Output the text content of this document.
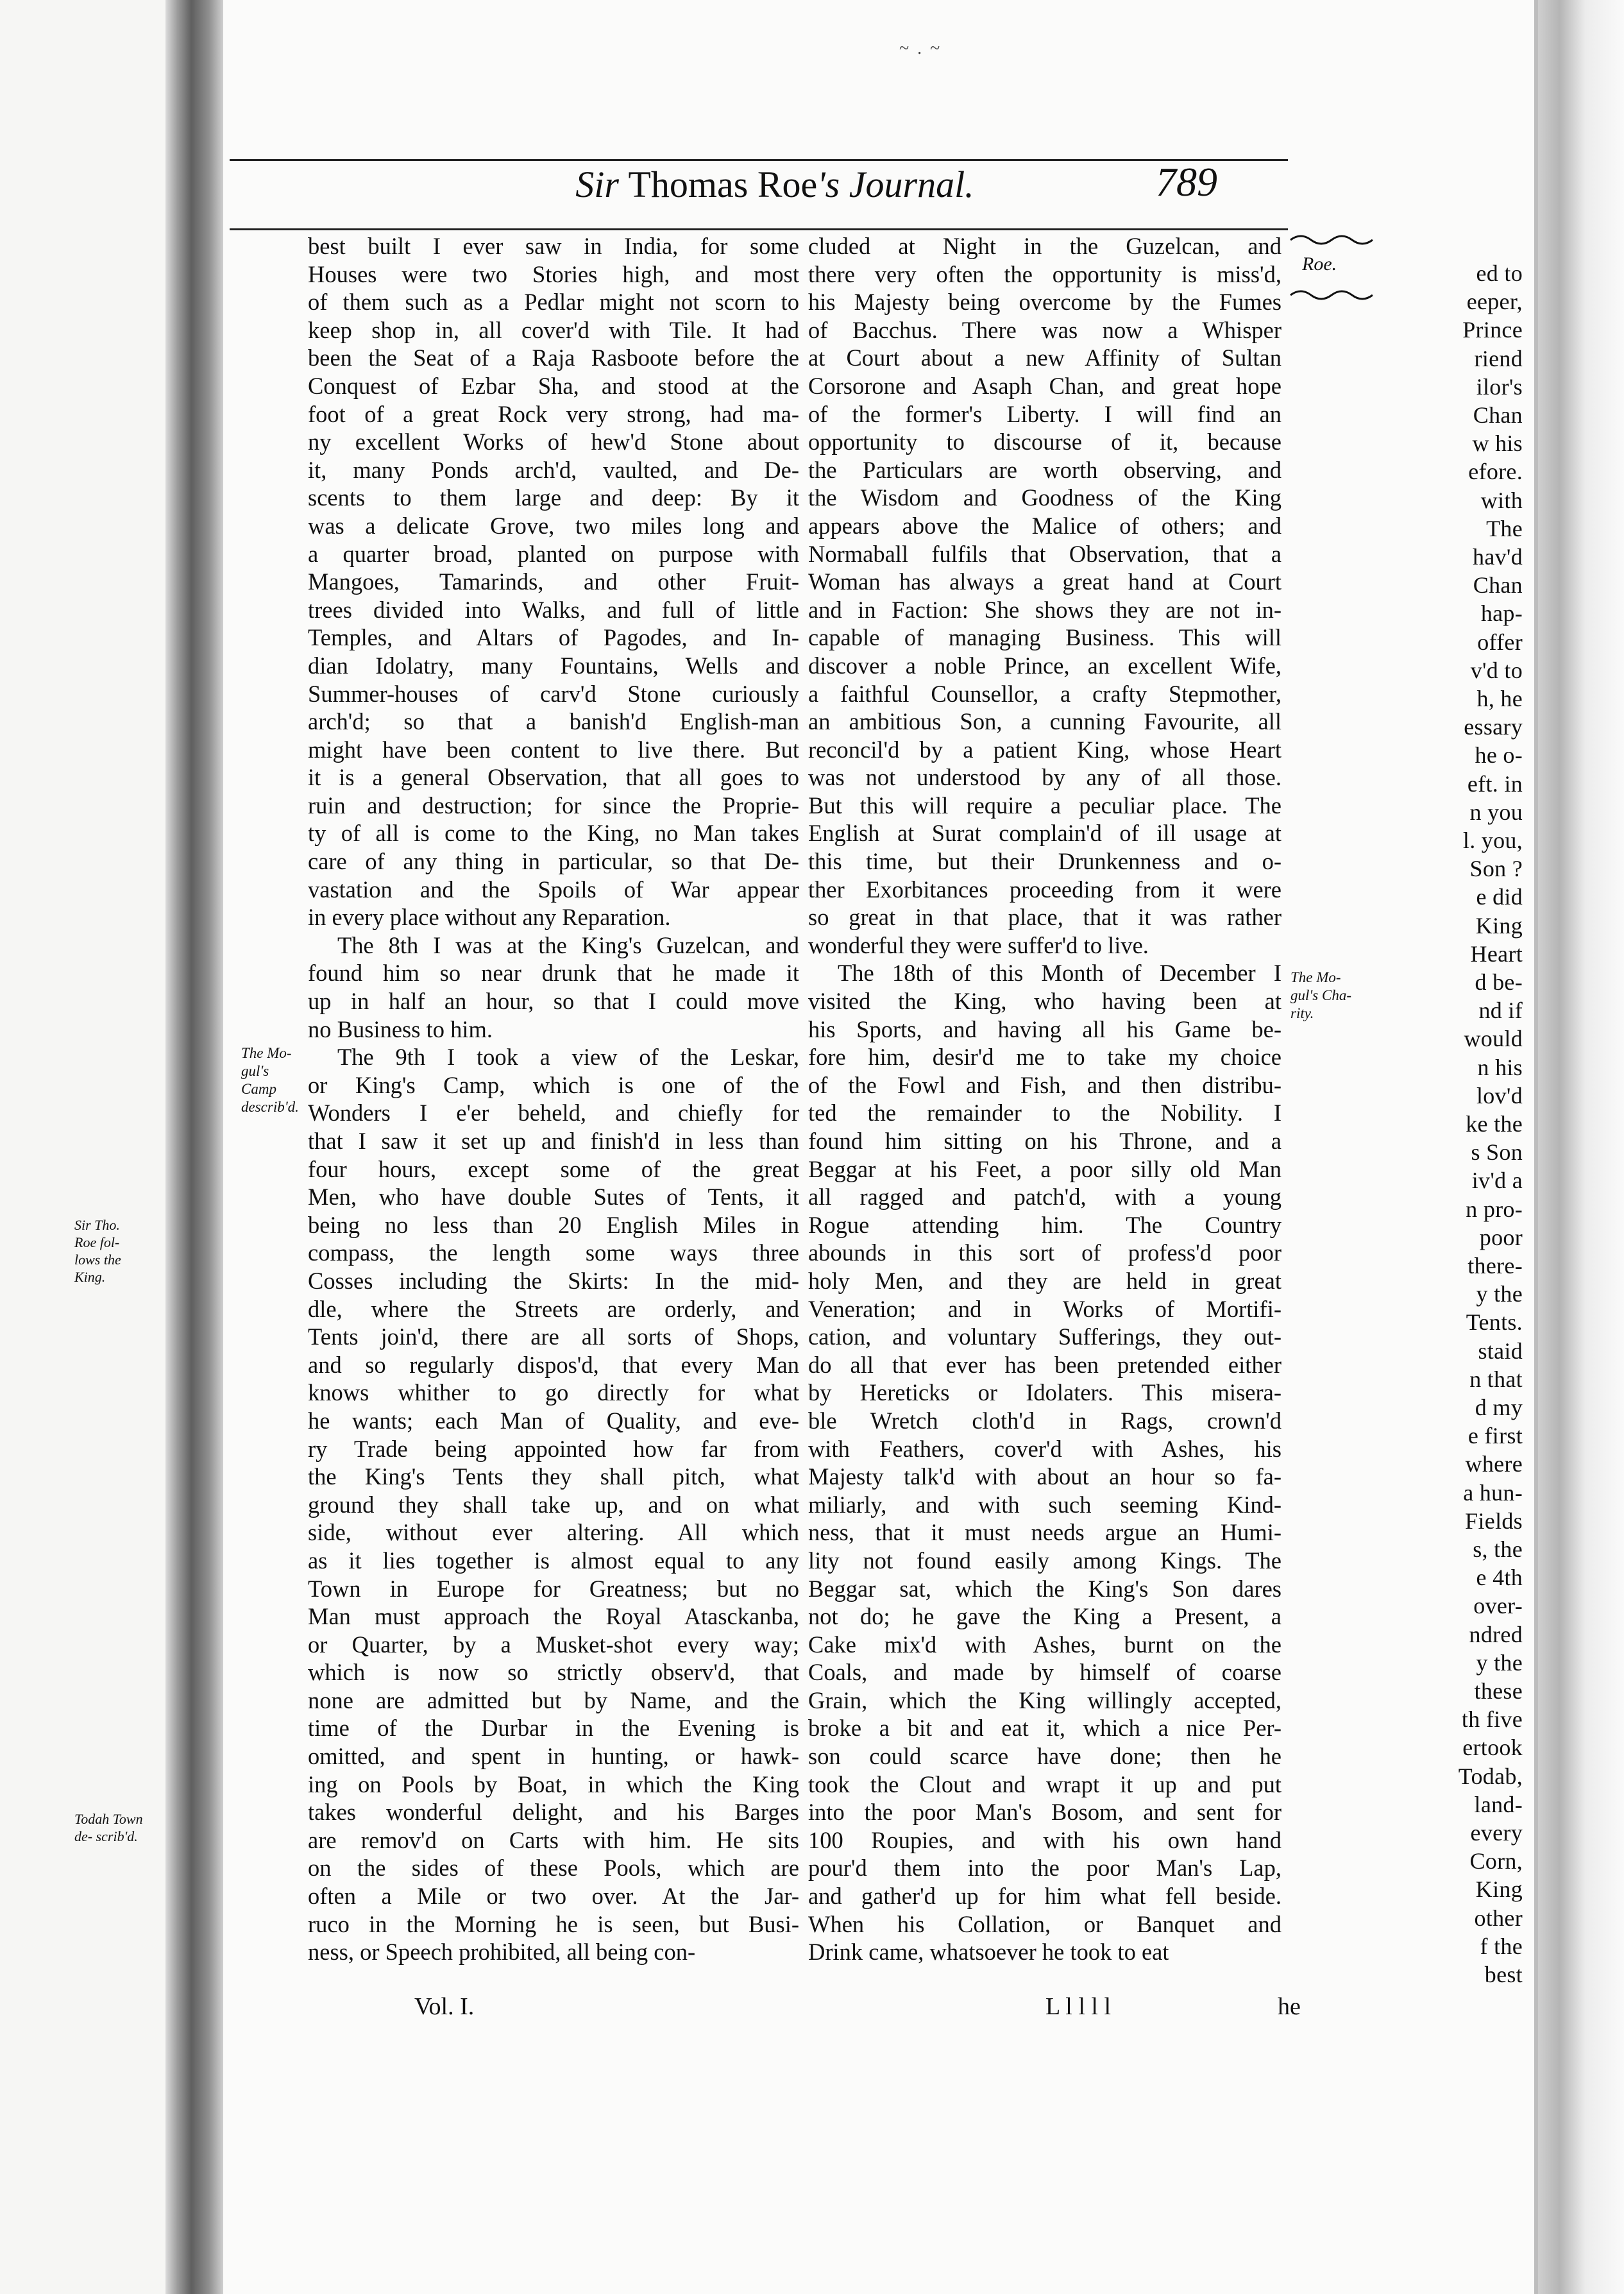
~ . ~
Sir Thomas Roe's Journal.	789
ed to
eeper,
Prince
riend
ilor's
Chan
w his
efore.
with
The
hav'd
Chan
hap-
offer
v'd to
h, he
essary
he o-
eft. in
n you
l. you,
Son ?
e did
King
Heart
d be-
nd if
would
n his
lov'd
ke the
s Son
iv'd a
n pro-
poor
there-
y the
Tents.
staid
n that
d my
e first
where
a hun-
Fields
s, the
e 4th
over-
ndred
y the
these
th five
ertook
Todab,
land-
every
Corn,
King
other
f the
best
Sir Tho. Roe fol- lows the King.
Todah Town de- scrib'd.
best built I ever saw in India, for some
Houses were two Stories high, and most
of them such as a Pedlar might not scorn to
keep shop in, all cover'd with Tile. It had
been the Seat of a Raja Rasboote before the
Conquest of Ezbar Sha, and stood at the
foot of a great Rock very strong, had ma-
ny excellent Works of hew'd Stone about
it, many Ponds arch'd, vaulted, and De-
scents to them large and deep: By it
was a delicate Grove, two miles long and
a quarter broad, planted on purpose with
Mangoes, Tamarinds, and other Fruit-
trees divided into Walks, and full of little
Temples, and Altars of Pagodes, and In-
dian Idolatry, many Fountains, Wells and
Summer-houses of carv'd Stone curiously
arch'd; so that a banish'd English-man
might have been content to live there. But
it is a general Observation, that all goes to
ruin and destruction; for since the Proprie-
ty of all is come to the King, no Man takes
care of any thing in particular, so that De-
vastation and the Spoils of War appear
in every place without any Reparation.
The 8th I was at the King's Guzelcan, and
found him so near drunk that he made it
up in half an hour, so that I could move
no Business to him.
The 9th I took a view of the Leskar,
or King's Camp, which is one of the
Wonders I e'er beheld, and chiefly for
that I saw it set up and finish'd in less than
four hours, except some of the great
Men, who have double Sutes of Tents, it
being no less than 20 English Miles in
compass, the length some ways three
Cosses including the Skirts: In the mid-
dle, where the Streets are orderly, and
Tents join'd, there are all sorts of Shops,
and so regularly dispos'd, that every Man
knows whither to go directly for what
he wants; each Man of Quality, and eve-
ry Trade being appointed how far from
the King's Tents they shall pitch, what
ground they shall take up, and on what
side, without ever altering. All which
as it lies together is almost equal to any
Town in Europe for Greatness; but no
Man must approach the Royal Atasckanba,
or Quarter, by a Musket-shot every way;
which is now so strictly observ'd, that
none are admitted but by Name, and the
time of the Durbar in the Evening is
omitted, and spent in hunting, or hawk-
ing on Pools by Boat, in which the King
takes wonderful delight, and his Barges
are remov'd on Carts with him. He sits
on the sides of these Pools, which are
often a Mile or two over. At the Jar-
ruco in the Morning he is seen, but Busi-
ness, or Speech prohibited, all being con-
The Mo- gul's Camp describ'd.
cluded at Night in the Guzelcan, and
there very often the opportunity is miss'd,
his Majesty being overcome by the Fumes
of Bacchus. There was now a Whisper
at Court about a new Affinity of Sultan
Corsorone and Asaph Chan, and great hope
of the former's Liberty. I will find an
opportunity to discourse of it, because
the Particulars are worth observing, and
the Wisdom and Goodness of the King
appears above the Malice of others; and
Normaball fulfils that Observation, that a
Woman has always a great hand at Court
and in Faction: She shows they are not in-
capable of managing Business. This will
discover a noble Prince, an excellent Wife,
a faithful Counsellor, a crafty Stepmother,
an ambitious Son, a cunning Favourite, all
reconcil'd by a patient King, whose Heart
was not understood by any of all those.
But this will require a peculiar place. The
English at Surat complain'd of ill usage at
this time, but their Drunkenness and o-
ther Exorbitances proceeding from it were
so great in that place, that it was rather
wonderful they were suffer'd to live.
The 18th of this Month of December I
visited the King, who having been at
his Sports, and having all his Game be-
fore him, desir'd me to take my choice
of the Fowl and Fish, and then distribu-
ted the remainder to the Nobility. I
found him sitting on his Throne, and a
Beggar at his Feet, a poor silly old Man
all ragged and patch'd, with a young
Rogue attending him. The Country
abounds in this sort of profess'd poor
holy Men, and they are held in great
Veneration; and in Works of Mortifi-
cation, and voluntary Sufferings, they out-
do all that ever has been pretended either
by Hereticks or Idolaters. This misera-
ble Wretch cloth'd in Rags, crown'd
with Feathers, cover'd with Ashes, his
Majesty talk'd with about an hour so fa-
miliarly, and with such seeming Kind-
ness, that it must needs argue an Humi-
lity not found easily among Kings. The
Beggar sat, which the King's Son dares
not do; he gave the King a Present, a
Cake mix'd with Ashes, burnt on the
Coals, and made by himself of coarse
Grain, which the King willingly accepted,
broke a bit and eat it, which a nice Per-
son could scarce have done; then he
took the Clout and wrapt it up and put
into the poor Man's Bosom, and sent for
100 Roupies, and with his own hand
pour'd them into the poor Man's Lap,
and gather'd up for him what fell beside.
When his Collation, or Banquet and
Drink came, whatsoever he took to eat
Roe.
The Mo- gul's Cha- rity.
Vol. I.	L l l l l	he
